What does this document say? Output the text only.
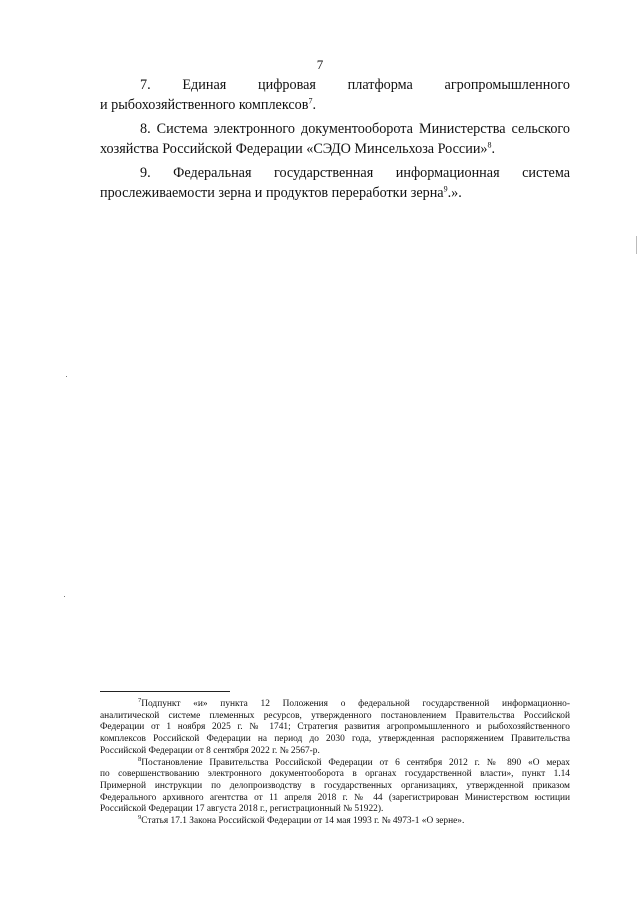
7

7. Единая цифровая платформа агропромышленного
и рыбохозяйственного комплексов$^7$.

8. Система электронного документооборота Министерства сельского
хозяйства Российской Федерации «СЭДО Минсельхоза России»$^8$.

9. Федеральная государственная информационная система
прослеживаемости зерна и продуктов переработки зерна$^9$.».

$^7$Подпункт «и» пункта 12 Положения о федеральной государственной информационно-
аналитической системе племенных ресурсов, утвержденного постановлением Правительства Российской
Федерации от 1 ноября 2025 г. № 1741; Стратегия развития агропромышленного и рыбохозяйственного
комплексов Российской Федерации на период до 2030 года, утвержденная распоряжением Правительства
Российской Федерации от 8 сентября 2022 г. № 2567-р.

$^8$Постановление Правительства Российской Федерации от 6 сентября 2012 г. № 890 «О мерах
по совершенствованию электронного документооборота в органах государственной власти», пункт 1.14
Примерной инструкции по делопроизводству в государственных организациях, утвержденной приказом
Федерального архивного агентства от 11 апреля 2018 г. № 44 (зарегистрирован Министерством юстиции
Российской Федерации 17 августа 2018 г., регистрационный № 51922).

$^9$Статья 17.1 Закона Российской Федерации от 14 мая 1993 г. № 4973-1 «О зерне».
